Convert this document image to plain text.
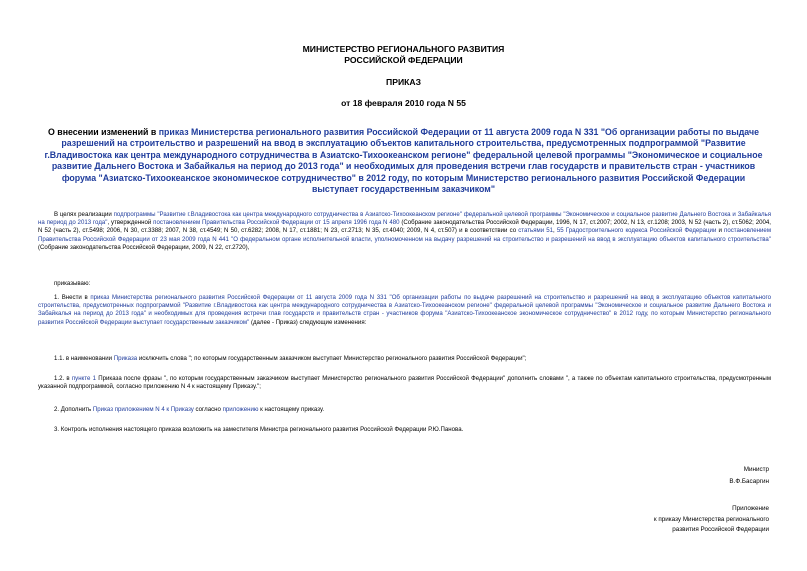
МИНИСТЕРСТВО РЕГИОНАЛЬНОГО РАЗВИТИЯ
РОССИЙСКОЙ ФЕДЕРАЦИИ
ПРИКАЗ
от 18 февраля 2010 года N 55
О внесении изменений в приказ Министерства регионального развития Российской Федерации от 11 августа 2009 года N 331 "Об организации работы по выдаче разрешений на строительство и разрешений на ввод в эксплуатацию объектов капитального строительства, предусмотренных подпрограммой "Развитие г.Владивостока как центра международного сотрудничества в Азиатско-Тихоокеанском регионе" федеральной целевой программы "Экономическое и социальное развитие Дальнего Востока и Забайкалья на период до 2013 года" и необходимых для проведения встречи глав государств и правительств стран - участников форума "Азиатско-Тихоокеанское экономическое сотрудничество" в 2012 году, по которым Министерство регионального развития Российской Федерации выступает государственным заказчиком"
В целях реализации подпрограммы "Развитие г.Владивостока как центра международного сотрудничества в Азиатско-Тихоокеанском регионе" федеральной целевой программы "Экономическое и социальное развитие Дальнего Востока и Забайкалья на период до 2013 года", утвержденной постановлением Правительства Российской Федерации от 15 апреля 1996 года N 480 (Собрание законодательства Российской Федерации, 1996, N 17, ст.2007; 2002, N 13, ст.1208; 2003, N 52 (часть 2), ст.5062; 2004, N 52 (часть 2), ст.5498; 2006, N 30, ст.3388; 2007, N 38, ст.4549; N 50, ст.6282; 2008, N 17, ст.1881; N 23, ст.2713; N 35, ст.4040; 2009, N 4, ст.507) и в соответствии со статьями 51, 55 Градостроительного кодекса Российской Федерации и постановлением Правительства Российской Федерации от 23 мая 2009 года N 441 "О федеральном органе исполнительной власти, уполномоченном на выдачу разрешений на строительство и разрешений на ввод в эксплуатацию объектов капитального строительства" (Собрание законодательства Российской Федерации, 2009, N 22, ст.2720),
приказываю:
1. Внести в приказ Министерства регионального развития Российской Федерации от 11 августа 2009 года N 331 "Об организации работы по выдаче разрешений на строительство и разрешений на ввод в эксплуатацию объектов капитального строительства, предусмотренных подпрограммой "Развитие г.Владивостока как центра международного сотрудничества в Азиатско-Тихоокеанском регионе" федеральной целевой программы "Экономическое и социальное развитие Дальнего Востока и Забайкалья на период до 2013 года" и необходимых для проведения встречи глав государств и правительств стран - участников форума "Азиатско-Тихоокеанское экономическое сотрудничество" в 2012 году, по которым Министерство регионального развития Российской Федерации выступает государственным заказчиком" (далее - Приказ) следующие изменения:
1.1. в наименовании Приказа исключить слова "; по которым государственным заказчиком выступает Министерство регионального развития Российской Федерации";
1.2. в пункте 1 Приказа после фразы ", по которым государственным заказчиком выступает Министерство регионального развития Российской Федерации" дополнить словами ", а также по объектам капитального строительства, предусмотренным указанной подпрограммой, согласно приложению N 4 к настоящему Приказу.";
2. Дополнить Приказ приложением N 4 к Приказу согласно приложению к настоящему приказу.
3. Контроль исполнения настоящего приказа возложить на заместителя Министра регионального развития Российской Федерации Р.Ю.Панова.
Министр
В.Ф.Басаргин
Приложение
к приказу Министерства регионального
развития Российской Федерации
